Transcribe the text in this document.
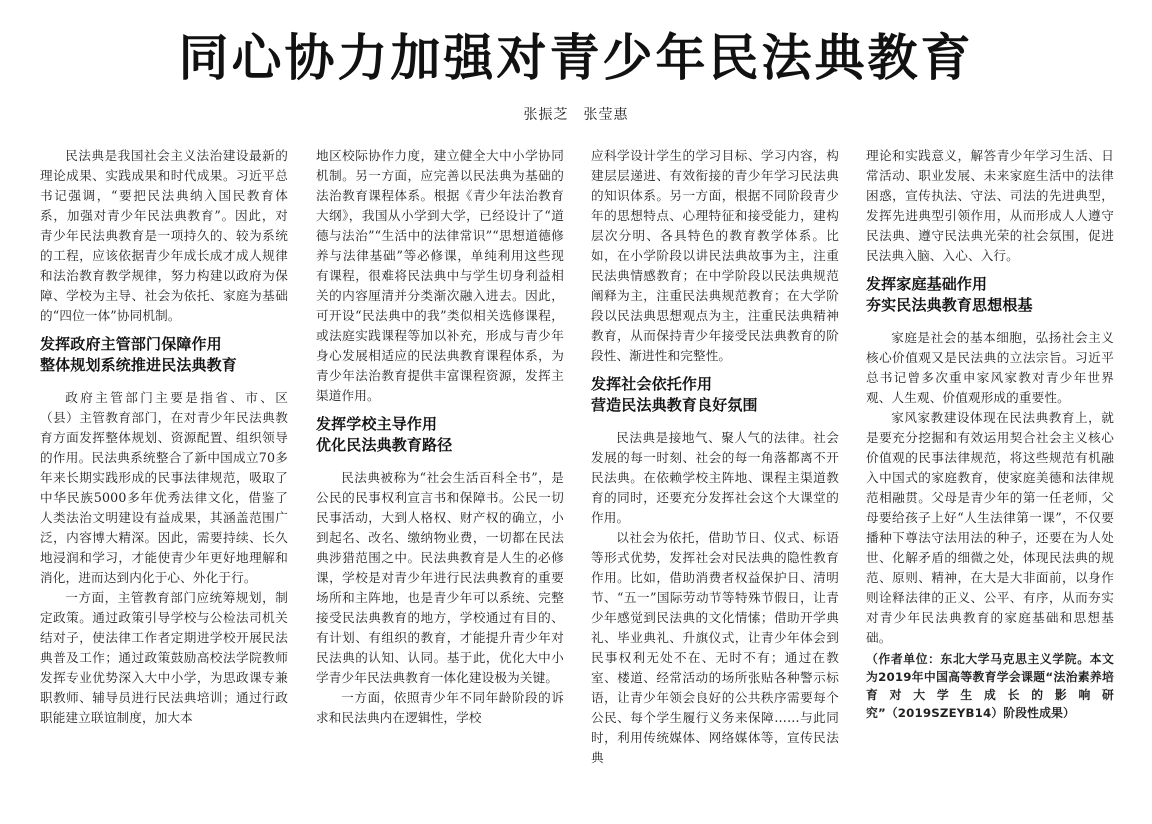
同心协力加强对青少年民法典教育
张振芝　张莹惠

民法典是我国社会主义法治建设最新的理论成果、实践成果和时代成果。习近平总书记强调，“要把民法典纳入国民教育体系，加强对青少年民法典教育”。因此，对青少年民法典教育是一项持久的、较为系统的工程，应该依据青少年成长成才成人规律和法治教育教学规律，努力构建以政府为保障、学校为主导、社会为依托、家庭为基础的“四位一体”协同机制。

发挥政府主管部门保障作用
整体规划系统推进民法典教育

政府主管部门主要是指省、市、区（县）主管教育部门，在对青少年民法典教育方面发挥整体规划、资源配置、组织领导的作用。民法典系统整合了新中国成立70多年来长期实践形成的民事法律规范，吸取了中华民族5000多年优秀法律文化，借鉴了人类法治文明建设有益成果，其涵盖范围广泛，内容博大精深。因此，需要持续、长久地浸润和学习，才能使青少年更好地理解和消化，进而达到内化于心、外化于行。

一方面，主管教育部门应统筹规划，制定政策。通过政策引导学校与公检法司机关结对子，使法律工作者定期进学校开展民法典普及工作；通过政策鼓励高校法学院教师发挥专业优势深入大中小学，为思政课专兼职教师、辅导员进行民法典培训；通过行政职能建立联谊制度，加大本

地区校际协作力度，建立健全大中小学协同机制。另一方面，应完善以民法典为基础的法治教育课程体系。根据《青少年法治教育大纲》，我国从小学到大学，已经设计了“道德与法治”“生活中的法律常识”“思想道德修养与法律基础”等必修课，单纯利用这些现有课程，很难将民法典中与学生切身利益相关的内容厘清并分类渐次融入进去。因此，可开设“民法典中的我”类似相关选修课程，或法庭实践课程等加以补充，形成与青少年身心发展相适应的民法典教育课程体系，为青少年法治教育提供丰富课程资源，发挥主渠道作用。

发挥学校主导作用
优化民法典教育路径

民法典被称为“社会生活百科全书”，是公民的民事权利宣言书和保障书。公民一切民事活动，大到人格权、财产权的确立，小到起名、改名、缴纳物业费，一切都在民法典涉猎范围之中。民法典教育是人生的必修课，学校是对青少年进行民法典教育的重要场所和主阵地，也是青少年可以系统、完整接受民法典教育的地方，学校通过有目的、有计划、有组织的教育，才能提升青少年对民法典的认知、认同。基于此，优化大中小学青少年民法典教育一体化建设极为关键。

一方面，依照青少年不同年龄阶段的诉求和民法典内在逻辑性，学校

应科学设计学生的学习目标、学习内容，构建层层递进、有效衔接的青少年学习民法典的知识体系。另一方面，根据不同阶段青少年的思想特点、心理特征和接受能力，建构层次分明、各具特色的教育教学体系。比如，在小学阶段以讲民法典故事为主，注重民法典情感教育；在中学阶段以民法典规范阐释为主，注重民法典规范教育；在大学阶段以民法典思想观点为主，注重民法典精神教育，从而保持青少年接受民法典教育的阶段性、渐进性和完整性。

发挥社会依托作用
营造民法典教育良好氛围

民法典是接地气、聚人气的法律。社会发展的每一时刻、社会的每一角落都离不开民法典。在依赖学校主阵地、课程主渠道教育的同时，还要充分发挥社会这个大课堂的作用。

以社会为依托，借助节日、仪式、标语等形式优势，发挥社会对民法典的隐性教育作用。比如，借助消费者权益保护日、清明节、“五一”国际劳动节等特殊节假日，让青少年感觉到民法典的文化情愫；借助开学典礼、毕业典礼、升旗仪式，让青少年体会到民事权利无处不在、无时不有；通过在教室、楼道、经常活动的场所张贴各种警示标语，让青少年领会良好的公共秩序需要每个公民、每个学生履行义务来保障……与此同时，利用传统媒体、网络媒体等，宣传民法典

理论和实践意义，解答青少年学习生活、日常活动、职业发展、未来家庭生活中的法律困惑，宣传执法、守法、司法的先进典型，发挥先进典型引领作用，从而形成人人遵守民法典、遵守民法典光荣的社会氛围，促进民法典入脑、入心、入行。

发挥家庭基础作用
夯实民法典教育思想根基

家庭是社会的基本细胞，弘扬社会主义核心价值观又是民法典的立法宗旨。习近平总书记曾多次重申家风家教对青少年世界观、人生观、价值观形成的重要性。

家风家教建设体现在民法典教育上，就是要充分挖掘和有效运用契合社会主义核心价值观的民事法律规范，将这些规范有机融入中国式的家庭教育，使家庭美德和法律规范相融贯。父母是青少年的第一任老师，父母要给孩子上好“人生法律第一课”，不仅要播种下尊法守法用法的种子，还要在为人处世、化解矛盾的细微之处，体现民法典的规范、原则、精神，在大是大非面前，以身作则诠释法律的正义、公平、有序，从而夯实对青少年民法典教育的家庭基础和思想基础。

（作者单位：东北大学马克思主义学院。本文为2019年中国高等教育学会课题“法治素养培育对大学生成长的影响研究”（2019SZEYB14）阶段性成果）
